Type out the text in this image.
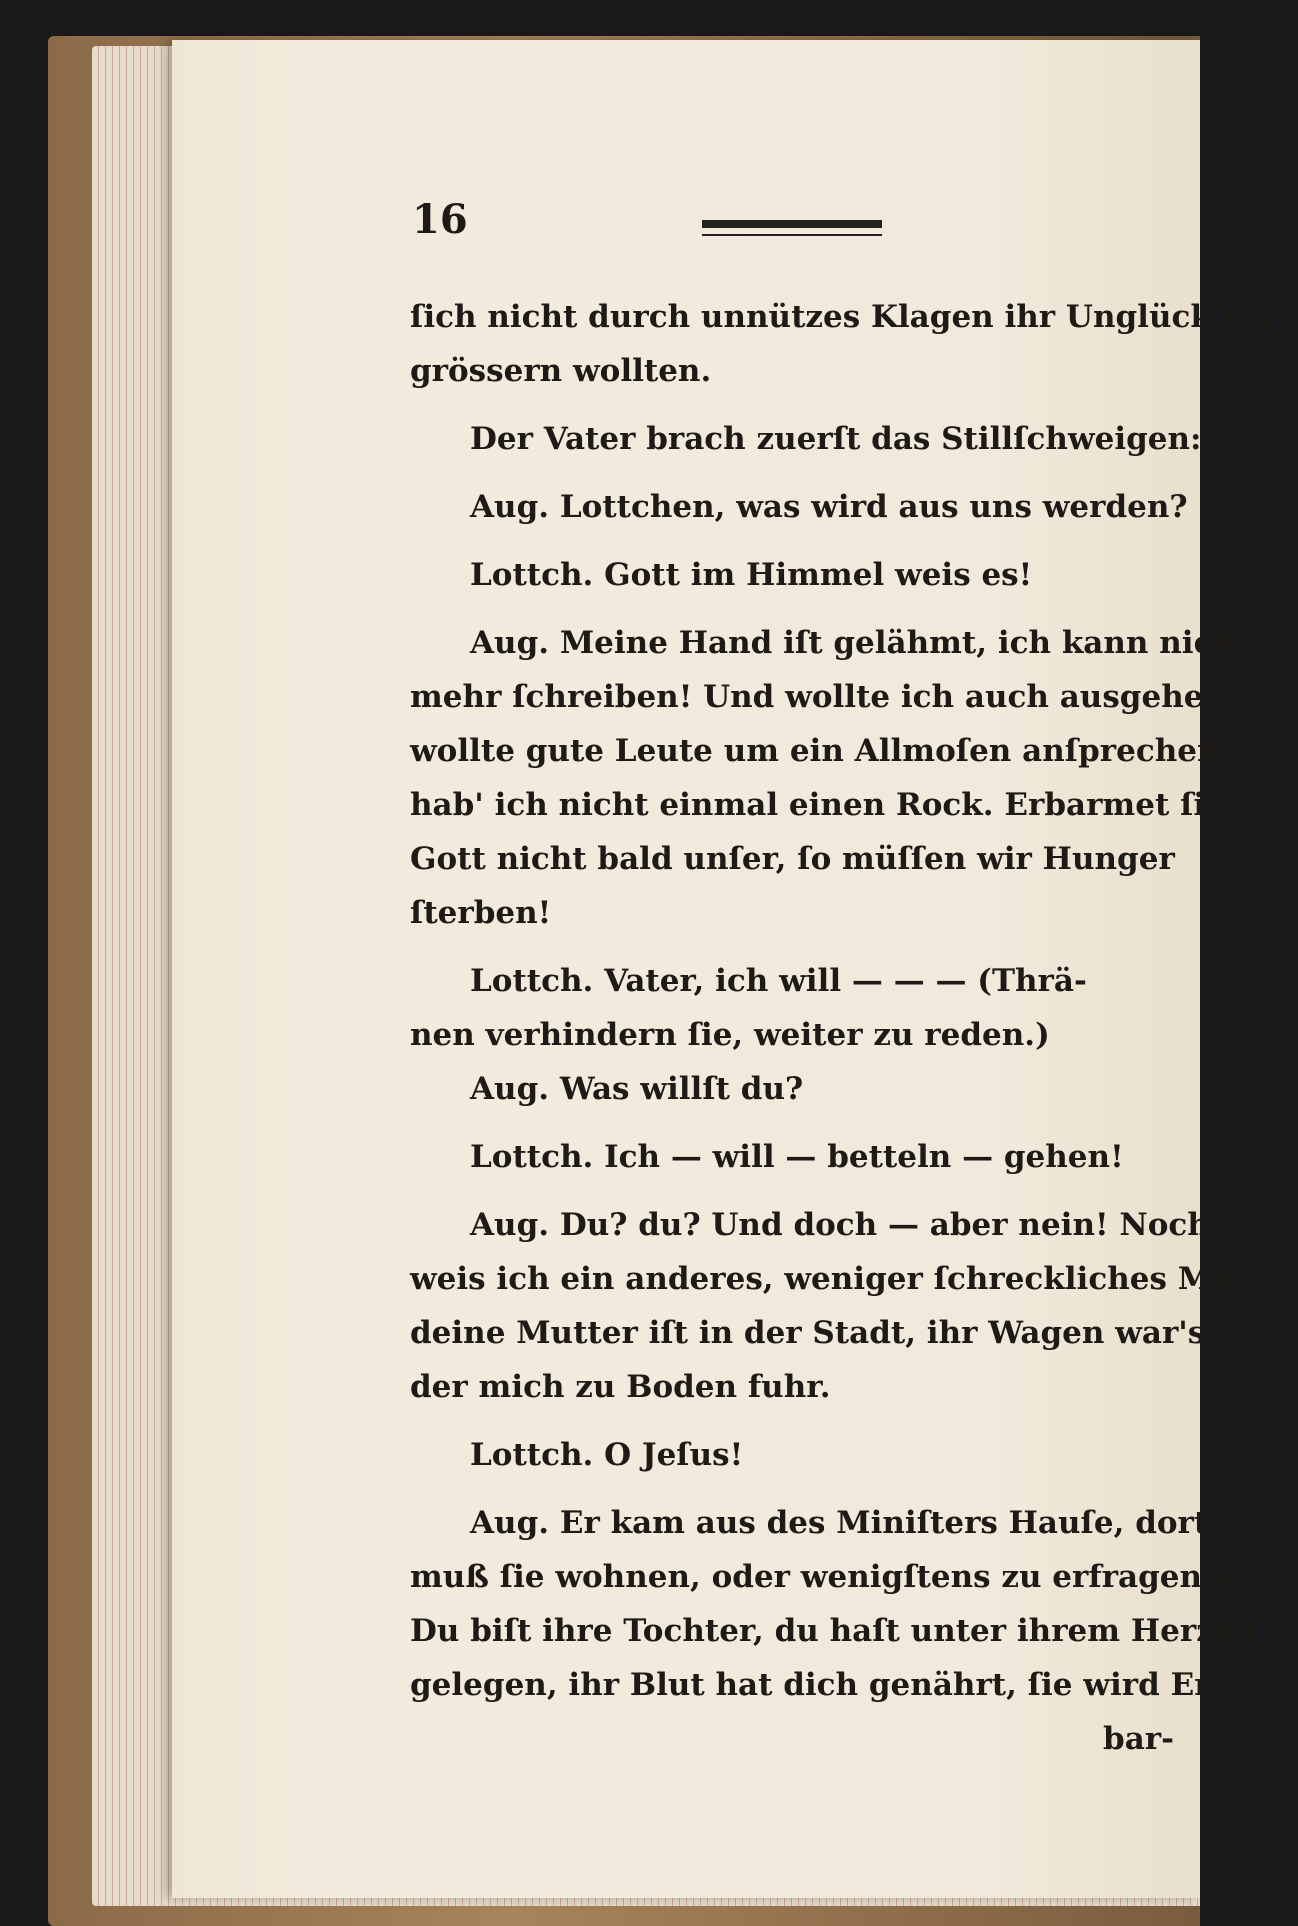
16
ſich nicht durch unnützes Klagen ihr Unglück ver-
grössern wollten.
Der Vater brach zuerſt das Stillſchweigen:
Aug. Lottchen, was wird aus uns werden?
Lottch. Gott im Himmel weis es!
Aug. Meine Hand iſt gelähmt, ich kann nicht
mehr ſchreiben! Und wollte ich auch ausgehen,
wollte gute Leute um ein Allmoſen anſprechen, ſo
hab' ich nicht einmal einen Rock. Erbarmet ſich
Gott nicht bald unſer, ſo müſſen wir Hunger
ſterben!
Lottch. Vater, ich will — — — (Thrä-
nen verhindern ſie, weiter zu reden.)
Aug. Was willſt du?
Lottch. Ich — will — betteln — gehen!
Aug. Du? du? Und doch — aber nein! Noch
weis ich ein anderes, weniger ſchreckliches Mittel!
deine Mutter iſt in der Stadt, ihr Wagen war's,
der mich zu Boden fuhr.
Lottch. O Jeſus!
Aug. Er kam aus des Miniſters Hauſe, dort
muß ſie wohnen, oder wenigſtens zu erfragen ſeyn.
Du biſt ihre Tochter, du haſt unter ihrem Herzen
gelegen, ihr Blut hat dich genährt, ſie wird Er-
bar-
